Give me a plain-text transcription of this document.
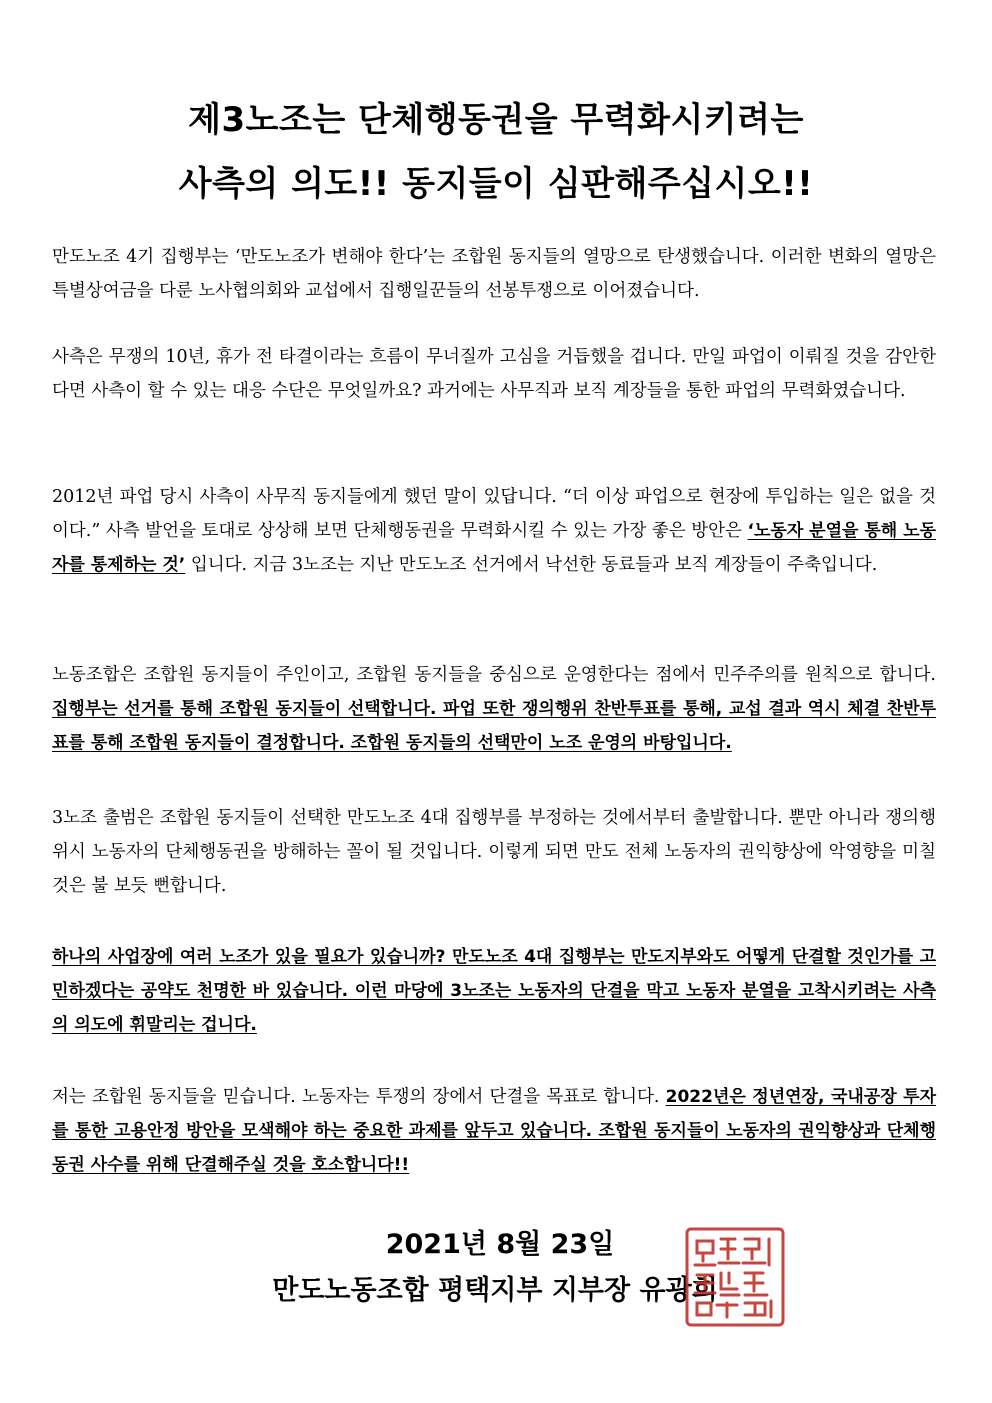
제3노조는 단체행동권을 무력화시키려는
사측의 의도!! 동지들이 심판해주십시오!!
만도노조 4기 집행부는 ‘만도노조가 변해야 한다’는 조합원 동지들의 열망으로 탄생했습니다. 이러한 변화의 열망은 특별상여금을 다룬 노사협의회와 교섭에서 집행일꾼들의 선봉투쟁으로 이어졌습니다.
사측은 무쟁의 10년, 휴가 전 타결이라는 흐름이 무너질까 고심을 거듭했을 겁니다. 만일 파업이 이뤄질 것을 감안한다면 사측이 할 수 있는 대응 수단은 무엇일까요? 과거에는 사무직과 보직 계장들을 통한 파업의 무력화였습니다.
2012년 파업 당시 사측이 사무직 동지들에게 했던 말이 있답니다. “더 이상 파업으로 현장에 투입하는 일은 없을 것이다.” 사측 발언을 토대로 상상해 보면 단체행동권을 무력화시킬 수 있는 가장 좋은 방안은 ‘노동자 분열을 통해 노동자를 통제하는 것’ 입니다. 지금 3노조는 지난 만도노조 선거에서 낙선한 동료들과 보직 계장들이 주축입니다.
노동조합은 조합원 동지들이 주인이고, 조합원 동지들을 중심으로 운영한다는 점에서 민주주의를 원칙으로 합니다. 집행부는 선거를 통해 조합원 동지들이 선택합니다. 파업 또한 쟁의행위 찬반투표를 통해, 교섭 결과 역시 체결 찬반투표를 통해 조합원 동지들이 결정합니다. 조합원 동지들의 선택만이 노조 운영의 바탕입니다.
3노조 출범은 조합원 동지들이 선택한 만도노조 4대 집행부를 부정하는 것에서부터 출발합니다. 뿐만 아니라 쟁의행위시 노동자의 단체행동권을 방해하는 꼴이 될 것입니다. 이렇게 되면 만도 전체 노동자의 권익향상에 악영향을 미칠 것은 불 보듯 뻔합니다.
하나의 사업장에 여러 노조가 있을 필요가 있습니까? 만도노조 4대 집행부는 만도지부와도 어떻게 단결할 것인가를 고민하겠다는 공약도 천명한 바 있습니다. 이런 마당에 3노조는 노동자의 단결을 막고 노동자 분열을 고착시키려는 사측의 의도에 휘말리는 겁니다.
저는 조합원 동지들을 믿습니다. 노동자는 투쟁의 장에서 단결을 목표로 합니다. 2022년은 정년연장, 국내공장 투자를 통한 고용안정 방안을 모색해야 하는 중요한 과제를 앞두고 있습니다. 조합원 동지들이 노동자의 권익향상과 단체행동권 사수를 위해 단결해주실 것을 호소합니다!!
2021년 8월 23일
만도노동조합 평택지부 지부장 유광희
